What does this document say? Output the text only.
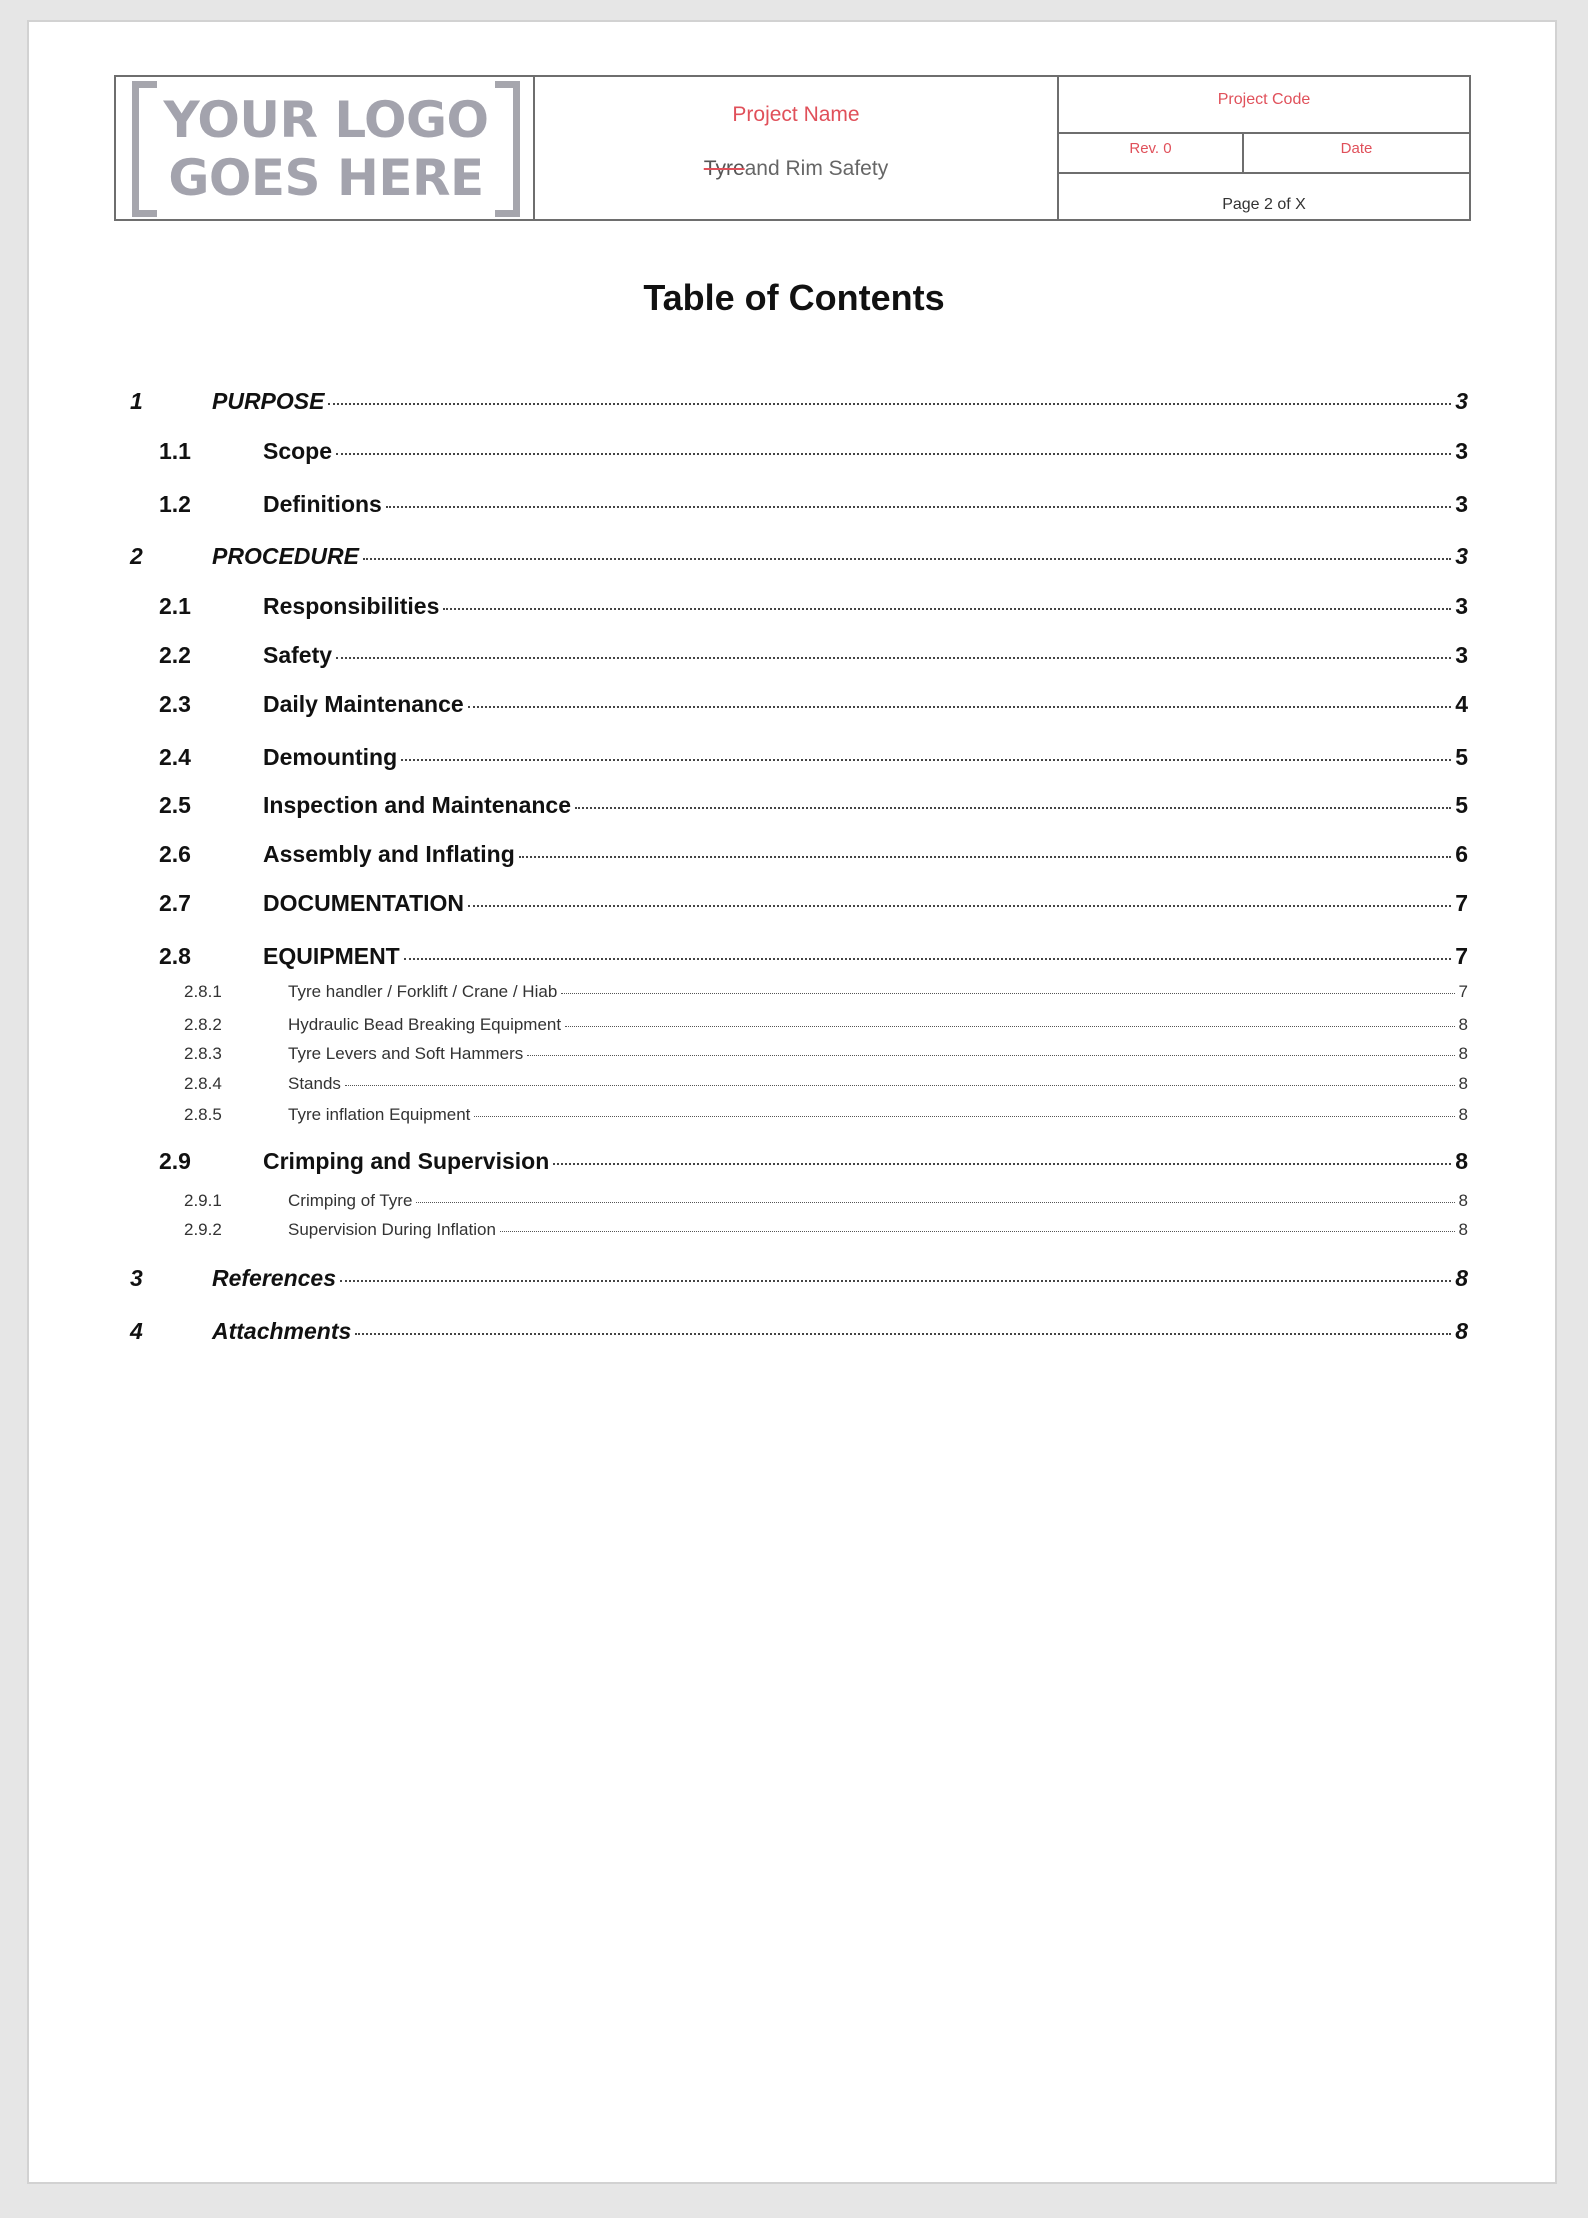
YOUR LOGO
GOES HERE
Project Name
Tyreand Rim Safety
Project Code
Rev. 0	Date
Page 2 of X
Table of Contents
1	PURPOSE	3
1.1	Scope	3
1.2	Definitions	3
2	PROCEDURE	3
2.1	Responsibilities	3
2.2	Safety	3
2.3	Daily Maintenance	4
2.4	Demounting	5
2.5	Inspection and Maintenance	5
2.6	Assembly and Inflating	6
2.7	DOCUMENTATION	7
2.8	EQUIPMENT	7
2.8.1	Tyre handler / Forklift / Crane / Hiab	7
2.8.2	Hydraulic Bead Breaking Equipment	8
2.8.3	Tyre Levers and Soft Hammers	8
2.8.4	Stands	8
2.8.5	Tyre inflation Equipment	8
2.9	Crimping and Supervision	8
2.9.1	Crimping of Tyre	8
2.9.2	Supervision During Inflation	8
3	References	8
4	Attachments	8
